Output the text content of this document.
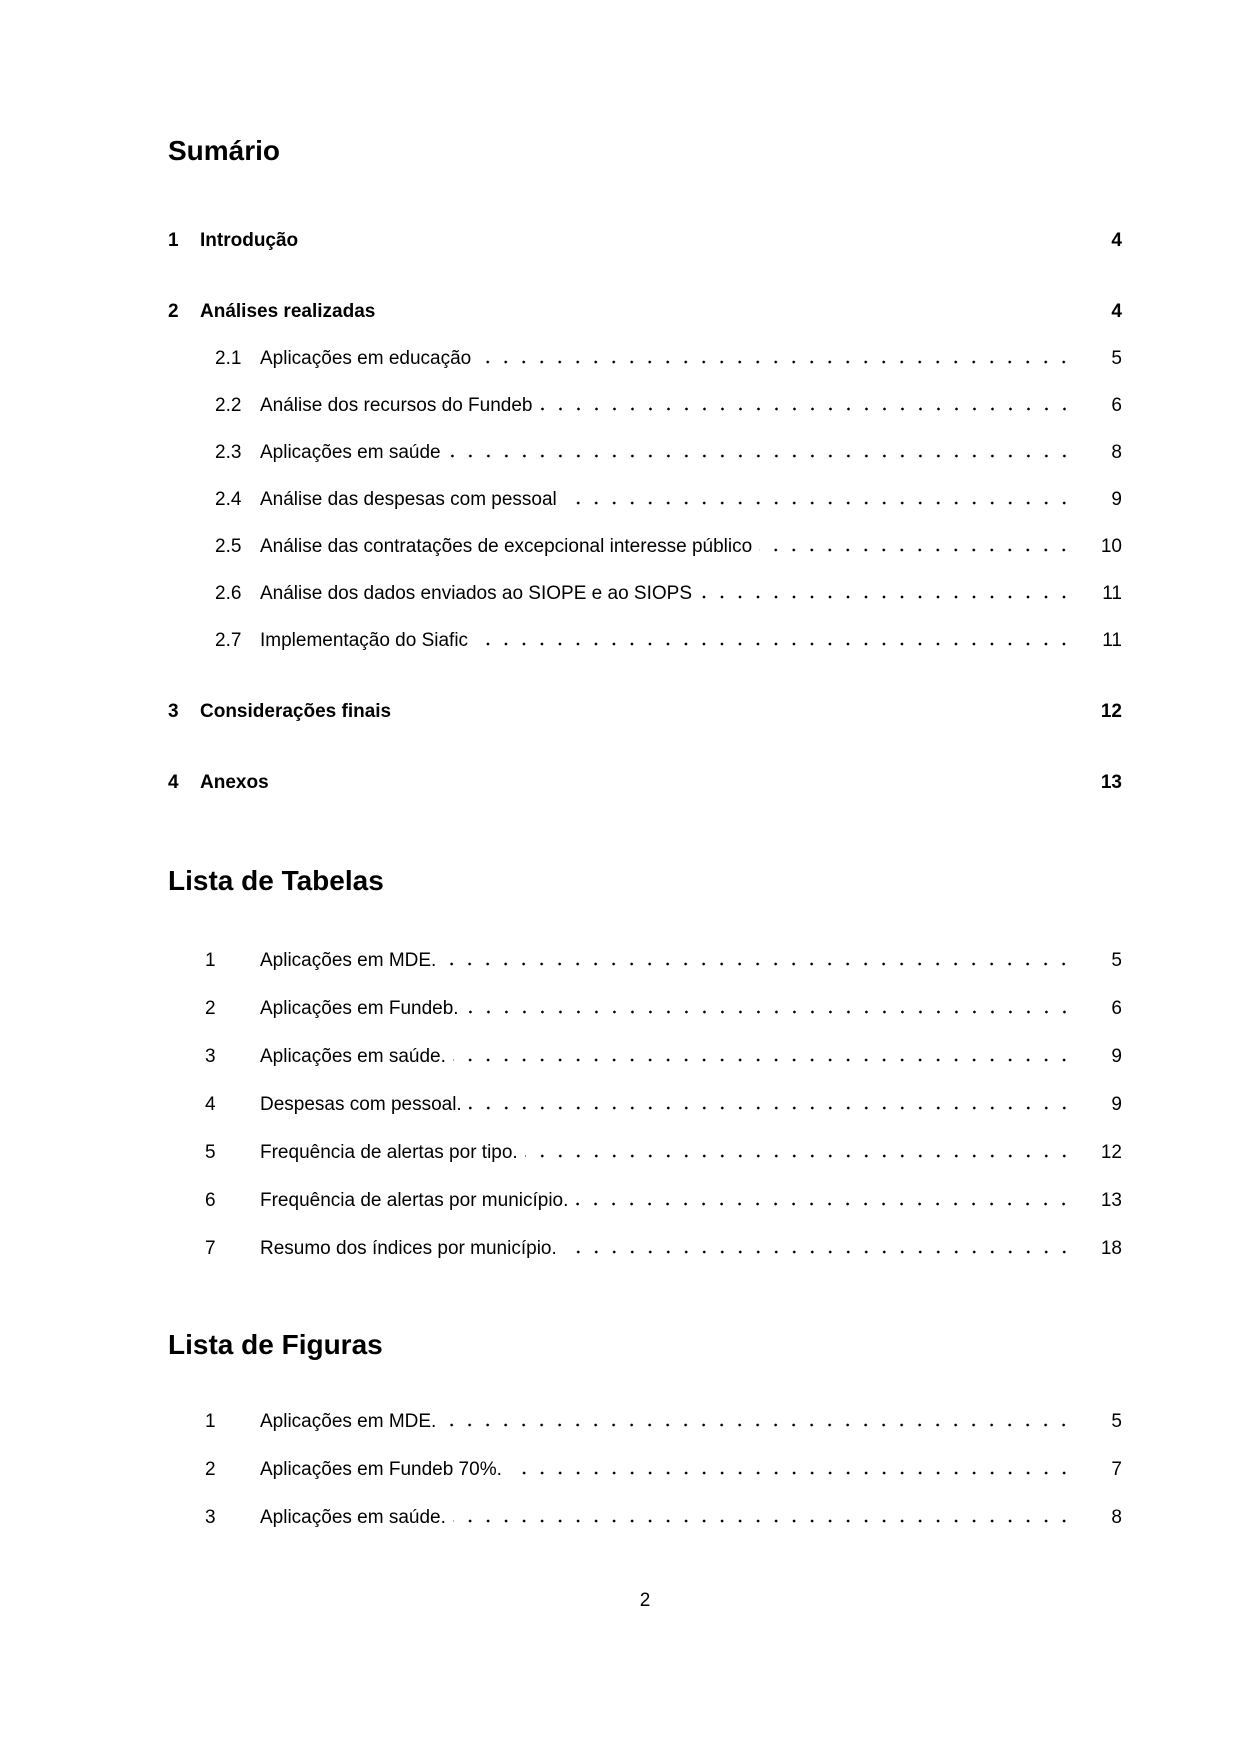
Sumário
1	Introdução	4
2	Análises realizadas	4
2.1 Aplicações em educação	5
2.2 Análise dos recursos do Fundeb	6
2.3 Aplicações em saúde	8
2.4 Análise das despesas com pessoal	9
2.5 Análise das contratações de excepcional interesse público	10
2.6 Análise dos dados enviados ao SIOPE e ao SIOPS	11
2.7 Implementação do Siafic	11
3	Considerações finais	12
4	Anexos	13
Lista de Tabelas
1	Aplicações em MDE.	5
2	Aplicações em Fundeb.	6
3	Aplicações em saúde.	9
4	Despesas com pessoal.	9
5	Frequência de alertas por tipo.	12
6	Frequência de alertas por município.	13
7	Resumo dos índices por município.	18
Lista de Figuras
1	Aplicações em MDE.	5
2	Aplicações em Fundeb 70%.	7
3	Aplicações em saúde.	8
2
